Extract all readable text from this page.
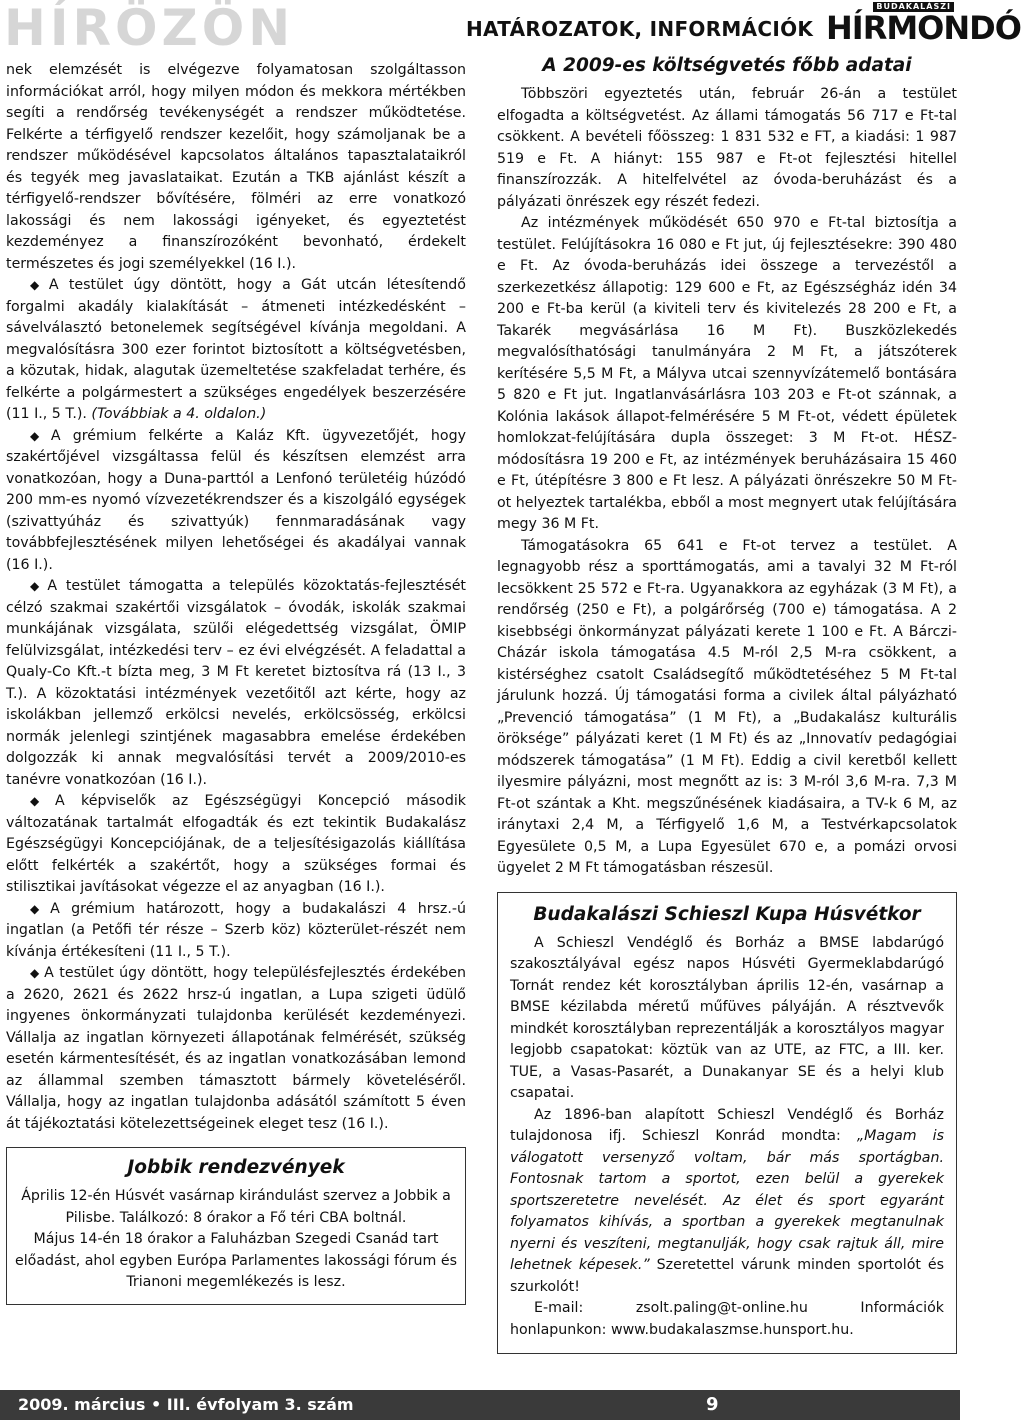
HÍRÖZÖN	HATÁROZATOK, INFORMÁCIÓK
BUDAKALÁSZI
HÍRMONDÓ

nek elemzését is elvégezve folyamatosan szolgáltasson információkat arról, hogy milyen módon és mekkora mértékben segíti a rendőrség tevékenységét a rendszer működtetése. Felkérte a térfigyelő rendszer kezelőit, hogy számoljanak be a rendszer működésével kapcsolatos általános tapasztalataikról és tegyék meg javaslataikat. Ezután a TKB ajánlást készít a térfigyelő-rendszer bővítésére, fölméri az erre vonatkozó lakossági és nem lakossági igényeket, és egyeztetést kezdeményez a finanszírozóként bevonható, érdekelt természetes és jogi személyekkel (16 I.).

◆ A testület úgy döntött, hogy a Gát utcán létesítendő forgalmi akadály kialakítását – átmeneti intézkedésként – sávelválasztó betonelemek segítségével kívánja megoldani. A megvalósításra 300 ezer forintot biztosított a költségvetésben, a közutak, hidak, alagutak üzemeltetése szakfeladat terhére, és felkérte a polgármestert a szükséges engedélyek beszerzésére (11 I., 5 T.). (Továbbiak a 4. oldalon.)

◆ A grémium felkérte a Kaláz Kft. ügyvezetőjét, hogy szakértőjével vizsgáltassa felül és készítsen elemzést arra vonatkozóan, hogy a Duna-parttól a Lenfonó területéig húzódó 200 mm-es nyomó vízvezetékrendszer és a kiszolgáló egységek (szivattyúház és szivattyúk) fennmaradásának vagy továbbfejlesztésének milyen lehetőségei és akadályai vannak (16 I.).

◆ A testület támogatta a település közoktatás-fejlesztését célzó szakmai szakértői vizsgálatok – óvodák, iskolák szakmai munkájának vizsgálata, szülői elégedettség vizsgálat, ÖMIP felülvizsgálat, intézkedési terv – ez évi elvégzését. A feladattal a Qualy-Co Kft.-t bízta meg, 3 M Ft keretet biztosítva rá (13 I., 3 T.). A közoktatási intézmények vezetőitől azt kérte, hogy az iskolákban jellemző erkölcsi nevelés, erkölcsösség, erkölcsi normák jelenlegi szintjének magasabbra emelése érdekében dolgozzák ki annak megvalósítási tervét a 2009/2010-es tanévre vonatkozóan (16 I.).

◆ A képviselők az Egészségügyi Koncepció második változatának tartalmát elfogadták és ezt tekintik Budakalász Egészségügyi Koncepciójának, de a teljesítésigazolás kiállítása előtt felkérték a szakértőt, hogy a szükséges formai és stilisztikai javításokat végezze el az anyagban (16 I.).

◆ A grémium határozott, hogy a budakalászi 4 hrsz.-ú ingatlan (a Petőfi tér része – Szerb köz) közterület-részét nem kívánja értékesíteni (11 I., 5 T.).

◆ A testület úgy döntött, hogy településfejlesztés érdekében a 2620, 2621 és 2622 hrsz-ú ingatlan, a Lupa szigeti üdülő ingyenes önkormányzati tulajdonba kerülését kezdeményezi. Vállalja az ingatlan környezeti állapotának felmérését, szükség esetén kármentesítését, és az ingatlan vonatkozásában lemond az állammal szemben támasztott bármely követeléséről. Vállalja, hogy az ingatlan tulajdonba adásától számított 5 éven át tájékoztatási kötelezettségeinek eleget tesz (16 I.).

Jobbik rendezvények

Április 12-én Húsvét vasárnap kirándulást szervez a Jobbik a Pilisbe. Találkozó: 8 órakor a Fő téri CBA boltnál.

Május 14-én 18 órakor a Faluházban Szegedi Csanád tart előadást, ahol egyben Európa Parlamentes lakossági fórum és Trianoni megemlékezés is lesz.

A 2009-es költségvetés főbb adatai

Többszöri egyeztetés után, február 26-án a testület elfogadta a költségvetést. Az állami támogatás 56 717 e Ft-tal csökkent. A bevételi főösszeg: 1 831 532 e FT, a kiadási: 1 987 519 e Ft. A hiányt: 155 987 e Ft-ot fejlesztési hitellel finanszírozzák. A hitelfelvétel az óvoda-beruházást és a pályázati önrészek egy részét fedezi.

Az intézmények működését 650 970 e Ft-tal biztosítja a testület. Felújításokra 16 080 e Ft jut, új fejlesztésekre: 390 480 e Ft. Az óvoda-beruházás idei összege a tervezéstől a szerkezetkész állapotig: 129 600 e Ft, az Egészségház idén 34 200 e Ft-ba kerül (a kiviteli terv és kivitelezés 28 200 e Ft, a Takarék megvásárlása 16 M Ft). Buszközlekedés megvalósíthatósági tanulmányára 2 M Ft, a játszóterek kerítésére 5,5 M Ft, a Mályva utcai szennyvízátemelő bontására 5 820 e Ft jut. Ingatlanvásárlásra 103 203 e Ft-ot szánnak, a Kolónia lakások állapot-felmérésére 5 M Ft-ot, védett épületek homlokzat-felújítására dupla összeget: 3 M Ft-ot. HÉSZ-módosításra 19 200 e Ft, az intézmények beruházásaira 15 460 e Ft, útépítésre 3 800 e Ft lesz. A pályázati önrészekre 50 M Ft-ot helyeztek tartalékba, ebből a most megnyert utak felújítására megy 36 M Ft.

Támogatásokra 65 641 e Ft-ot tervez a testület. A legnagyobb rész a sporttámogatás, ami a tavalyi 32 M Ft-ról lecsökkent 25 572 e Ft-ra. Ugyanakkora az egyházak (3 M Ft), a rendőrség (250 e Ft), a polgárőrség (700 e) támogatása. A 2 kisebbségi önkormányzat pályázati kerete 1 100 e Ft. A Bárczi-Cházár iskola támogatása 4.5 M-ról 2,5 M-ra csökkent, a kistérséghez csatolt Családsegítő működtetéséhez 5 M Ft-tal járulunk hozzá. Új támogatási forma a civilek által pályázható „Prevenció támogatása” (1 M Ft), a „Budakalász kulturális öröksége” pályázati keret (1 M Ft) és az „Innovatív pedagógiai módszerek támogatása” (1 M Ft). Eddig a civil keretből kellett ilyesmire pályázni, most megnőtt az is: 3 M-ról 3,6 M-ra. 7,3 M Ft-ot szántak a Kht. megszűnésének kiadásaira, a TV-k 6 M, az iránytaxi 2,4 M, a Térfigyelő 1,6 M, a Testvérkapcsolatok Egyesülete 0,5 M, a Lupa Egyesület 670 e, a pomázi orvosi ügyelet 2 M Ft támogatásban részesül.

Budakalászi Schieszl Kupa Húsvétkor

A Schieszl Vendéglő és Borház a BMSE labdarúgó szakosztályával egész napos Húsvéti Gyermeklabdarúgó Tornát rendez két korosztályban április 12-én, vasárnap a BMSE kézilabda méretű műfüves pályáján. A résztvevők mindkét korosztályban reprezentálják a korosztályos magyar legjobb csapatokat: köztük van az UTE, az FTC, a III. ker. TUE, a Vasas-Pasarét, a Dunakanyar SE és a helyi klub csapatai.

Az 1896-ban alapított Schieszl Vendéglő és Borház tulajdonosa ifj. Schieszl Konrád mondta: „Magam is válogatott versenyző voltam, bár más sportágban. Fontosnak tartom a sportot, ezen belül a gyerekek sportszeretetre nevelését. Az élet és sport egyaránt folyamatos kihívás, a sportban a gyerekek megtanulnak nyerni és veszíteni, megtanulják, hogy csak rajtuk áll, mire lehetnek képesek.” Szeretettel várunk minden sportolót és szurkolót!

E-mail: zsolt.paling@t-online.hu Információk honlapunkon: www.budakalaszmse.hunsport.hu.

2009. március • III. évfolyam 3. szám	9
